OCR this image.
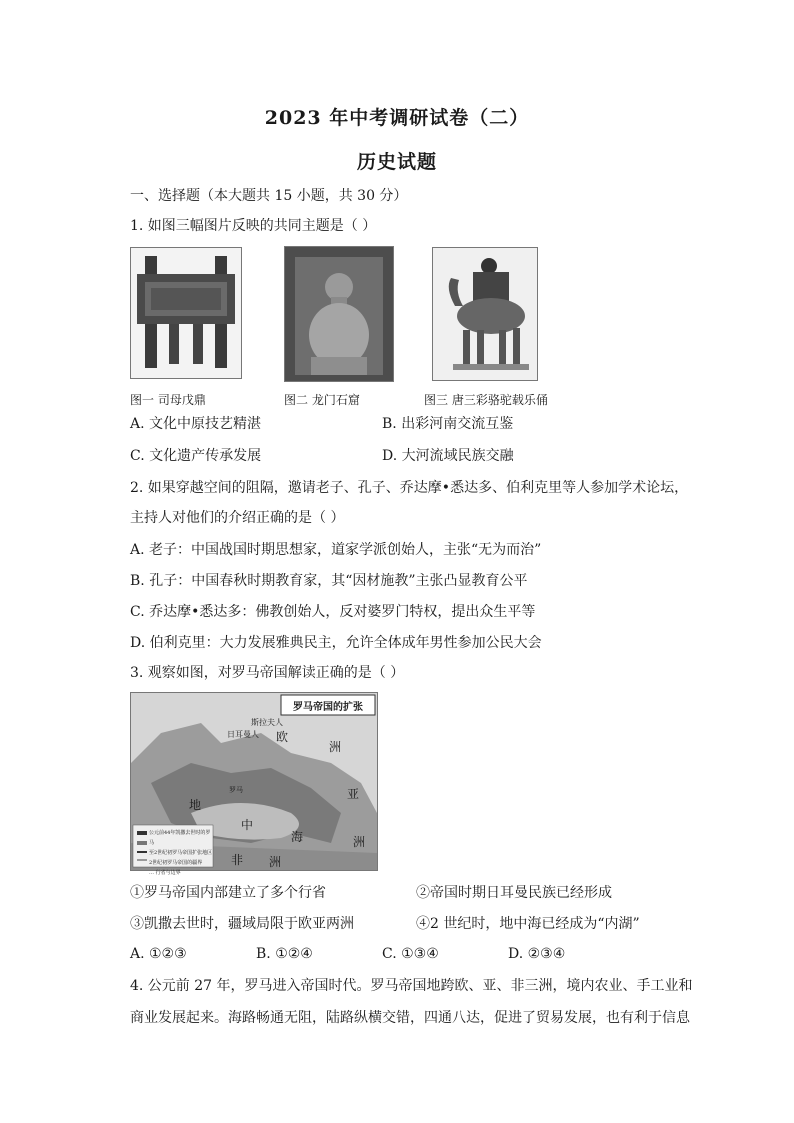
2023 年中考调研试卷（二）
历史试题
一、选择题（本大题共 15 小题，共 30 分）
1. 如图三幅图片反映的共同主题是（ ）
图一 司母戊鼎	图二 龙门石窟	图三 唐三彩骆驼载乐俑
A. 文化中原技艺精湛	B. 出彩河南交流互鉴
C. 文化遗产传承发展	D. 大河流域民族交融
2. 如果穿越空间的阻隔，邀请老子、孔子、乔达摩•悉达多、伯利克里等人参加学术论坛，
主持人对他们的介绍正确的是（ ）
A. 老子：中国战国时期思想家，道家学派创始人，主张“无为而治”
B. 孔子：中国春秋时期教育家，其“因材施教”主张凸显教育公平
C. 乔达摩•悉达多：佛教创始人，反对婆罗门特权，提出众生平等
D. 伯利克里：大力发展雅典民主，允许全体成年男性参加公民大会
3. 观察如图，对罗马帝国解读正确的是（ ）
罗马帝国的扩张
欧
洲
地
中
海
非 洲
亚
洲
斯拉夫人
日耳曼人
罗马
公元前44年凯撒去世时的罗马
至2世纪初罗马帝国扩张地区
2世纪初罗马帝国的疆界
… 行省与边界
①罗马帝国内部建立了多个行省	②帝国时期日耳曼民族已经形成
③凯撒去世时，疆域局限于欧亚两洲	④2 世纪时，地中海已经成为“内湖”
A. ①②③	B. ①②④	C. ①③④	D. ②③④
4. 公元前 27 年，罗马进入帝国时代。罗马帝国地跨欧、亚、非三洲，境内农业、手工业和
商业发展起来。海路畅通无阻，陆路纵横交错，四通八达，促进了贸易发展，也有利于信息
